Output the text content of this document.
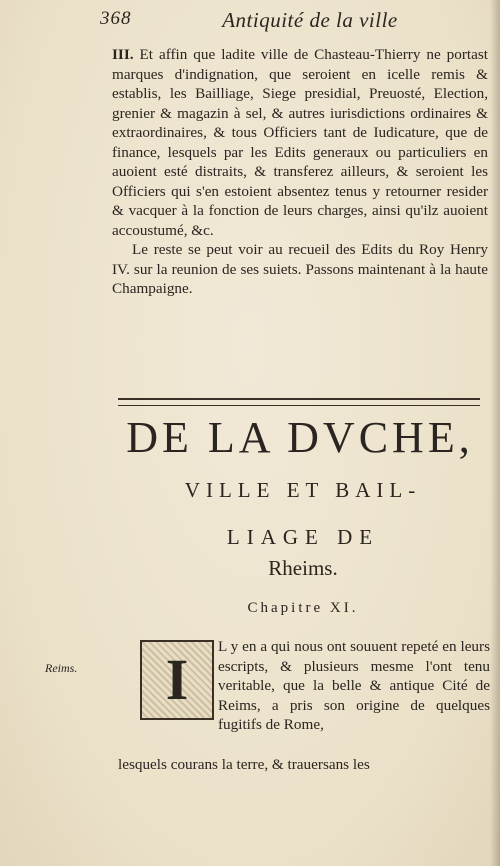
368	Antiquité de la ville

III. Et affin que ladite ville de Chasteau-Thierry ne portast marques d'indignation, que seroient en icelle remis & establis, les Bailliage, Siege presidial, Preuosté, Election, grenier & magazin à sel, & autres iurisdictions ordinaires & extraordinaires, & tous Officiers tant de Iudicature, que de finance, lesquels par les Edits generaux ou particuliers en auoient esté distraits, & transferez ailleurs, & seroient les Officiers qui s'en estoient absentez tenus y retourner resider & vacquer à la fonction de leurs charges, ainsi qu'ilz auoient accoustumé, &c.

Le reste se peut voir au recueil des Edits du Roy Henry IV. sur la reunion de ses suiets. Passons maintenant à la haute Champaigne.

DE LA DVCHE,
VILLE ET BAIL-
LIAGE DE
Rheims.
Chapitre XI.
Reims.	I

L y en a qui nous ont souuent repeté en leurs escripts, & plusieurs mesme l'ont tenu veritable, que la belle & antique Cité de Reims, a pris son origine de quelques fugitifs de Rome,

lesquels courans la terre, & trauersans les
